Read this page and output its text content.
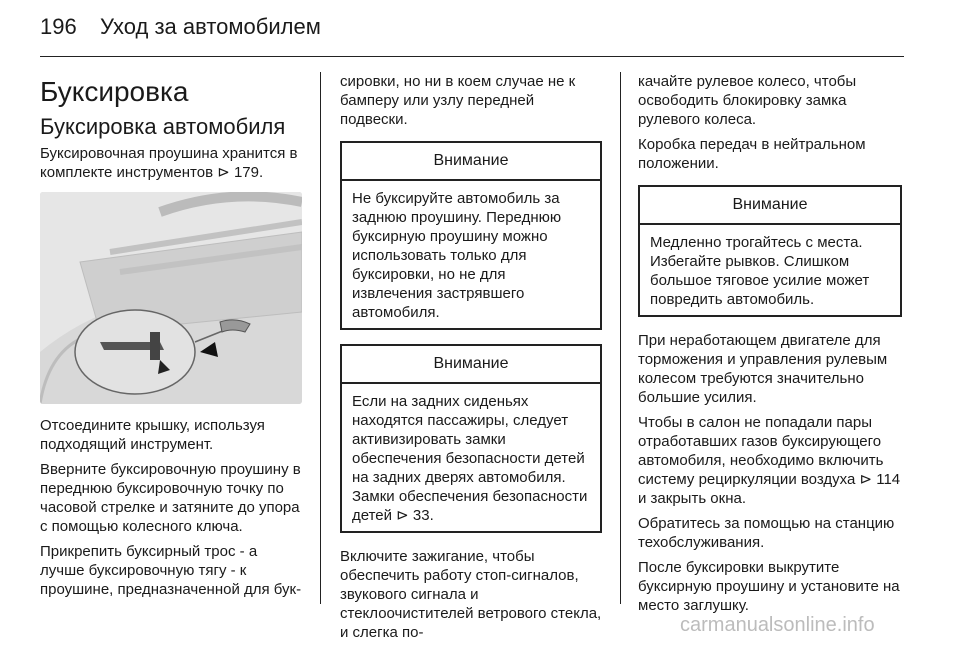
196 Уход за автомобилем
Буксировка
Буксировка автомобиля

Буксировочная проушина хранится в комплекте инструментов ⊳ 179.

Отсоедините крышку, используя подходящий инструмент.

Вверните буксировочную проушину в переднюю буксировочную точку по часовой стрелке и затяните до упора с помощью колесного ключа.

Прикрепить буксирный трос - а лучше буксировочную тягу - к проушине, предназначенной для бук-

сировки, но ни в коем случае не к бамперу или узлу передней подвески.

Внимание
Не буксируйте автомобиль за заднюю проушину. Переднюю буксирную проушину можно использовать только для буксировки, но не для извлечения застрявшего автомобиля.
Внимание
Если на задних сиденьях находятся пассажиры, следует активизировать замки обеспечения безопасности детей на задних дверях автомобиля. Замки обеспечения безопасности детей ⊳ 33.

Включите зажигание, чтобы обеспечить работу стоп-сигналов, звукового сигнала и стеклоочистителей ветрового стекла, и слегка по-

качайте рулевое колесо, чтобы освободить блокировку замка рулевого колеса.

Коробка передач в нейтральном положении.

Внимание
Медленно трогайтесь с места. Избегайте рывков. Слишком большое тяговое усилие может повредить автомобиль.

При неработающем двигателе для торможения и управления рулевым колесом требуются значительно большие усилия.

Чтобы в салон не попадали пары отработавших газов буксирующего автомобиля, необходимо включить систему рециркуляции воздуха ⊳ 114 и закрыть окна.

Обратитесь за помощью на станцию техобслуживания.

После буксировки выкрутите буксирную проушину и установите на место заглушку.

carmanualsonline.info
